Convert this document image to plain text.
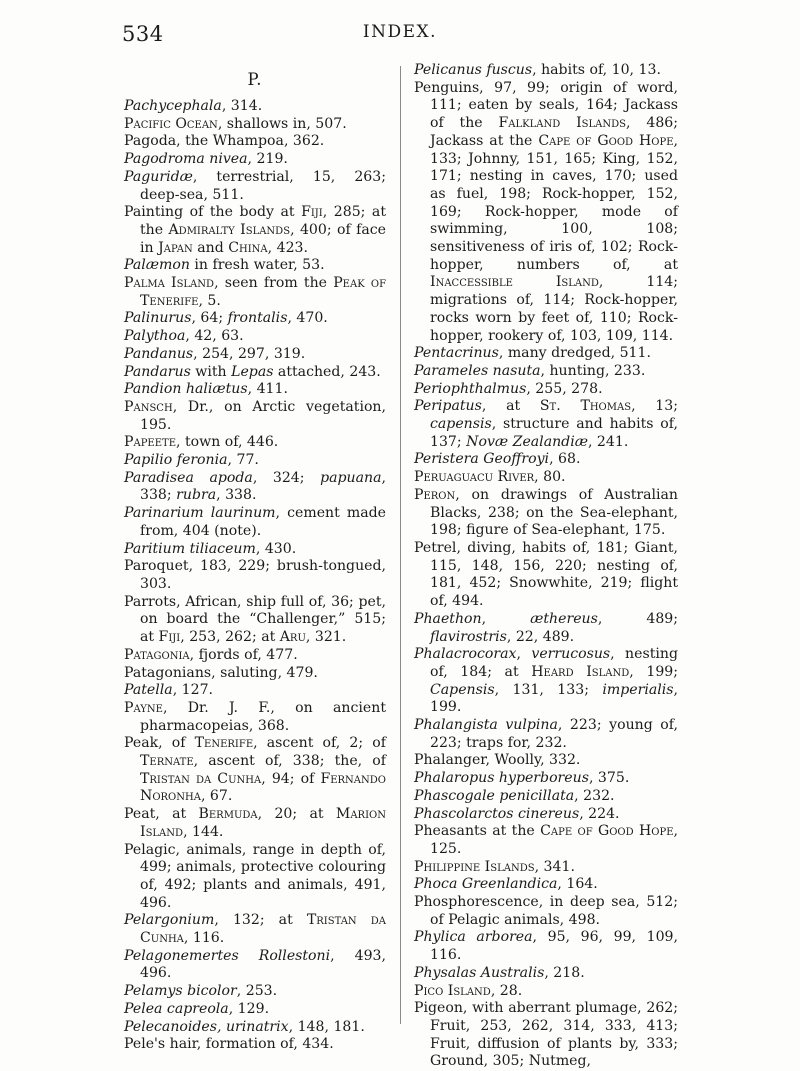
534	INDEX.
P.

Pachycephala, 314.

Pacific Ocean, shallows in, 507.

Pagoda, the Whampoa, 362.

Pagodroma nivea, 219.

Paguridæ, terrestrial, 15, 263; deep-sea, 511.

Painting of the body at Fiji, 285; at the Admiralty Islands, 400; of face in Japan and China, 423.

Palæmon in fresh water, 53.

Palma Island, seen from the Peak of Tenerife, 5.

Palinurus, 64; frontalis, 470.

Palythoa, 42, 63.

Pandanus, 254, 297, 319.

Pandarus with Lepas attached, 243.

Pandion haliætus, 411.

Pansch, Dr., on Arctic vegetation, 195.

Papeete, town of, 446.

Papilio feronia, 77.

Paradisea apoda, 324; papuana, 338; rubra, 338.

Parinarium laurinum, cement made from, 404 (note).

Paritium tiliaceum, 430.

Paroquet, 183, 229; brush-tongued, 303.

Parrots, African, ship full of, 36; pet, on board the “Challenger,” 515; at Fiji, 253, 262; at Aru, 321.

Patagonia, fjords of, 477.

Patagonians, saluting, 479.

Patella, 127.

Payne, Dr. J. F., on ancient pharmacopeias, 368.

Peak, of Tenerife, ascent of, 2; of Ternate, ascent of, 338; the, of Tristan da Cunha, 94; of Fernando Noronha, 67.

Peat, at Bermuda, 20; at Marion Island, 144.

Pelagic, animals, range in depth of, 499; animals, protective colouring of, 492; plants and animals, 491, 496.

Pelargonium, 132; at Tristan da Cunha, 116.

Pelagonemertes Rollestoni, 493, 496.

Pelamys bicolor, 253.

Pelea capreola, 129.

Pelecanoides, urinatrix, 148, 181.

Pele's hair, formation of, 434.

Pelicanus fuscus, habits of, 10, 13.

Penguins, 97, 99; origin of word, 111; eaten by seals, 164; Jackass of the Falkland Islands, 486; Jackass at the Cape of Good Hope, 133; Johnny, 151, 165; King, 152, 171; nesting in caves, 170; used as fuel, 198; Rock-hopper, 152, 169; Rock-hopper, mode of swimming, 100, 108; sensitiveness of iris of, 102; Rock-hopper, numbers of, at Inaccessible Island, 114; migrations of, 114; Rock-hopper, rocks worn by feet of, 110; Rock-hopper, rookery of, 103, 109, 114.

Pentacrinus, many dredged, 511.

Parameles nasuta, hunting, 233.

Periophthalmus, 255, 278.

Peripatus, at St. Thomas, 13; capensis, structure and habits of, 137; Novæ Zealandiæ, 241.

Peristera Geoffroyi, 68.

Peruaguacu River, 80.

Peron, on drawings of Australian Blacks, 238; on the Sea-elephant, 198; figure of Sea-elephant, 175.

Petrel, diving, habits of, 181; Giant, 115, 148, 156, 220; nesting of, 181, 452; Snowwhite, 219; flight of, 494.

Phaethon, æthereus, 489; flavirostris, 22, 489.

Phalacrocorax, verrucosus, nesting of, 184; at Heard Island, 199; Capensis, 131, 133; imperialis, 199.

Phalangista vulpina, 223; young of, 223; traps for, 232.

Phalanger, Woolly, 332.

Phalaropus hyperboreus, 375.

Phascogale penicillata, 232.

Phascolarctos cinereus, 224.

Pheasants at the Cape of Good Hope, 125.

Philippine Islands, 341.

Phoca Greenlandica, 164.

Phosphorescence, in deep sea, 512; of Pelagic animals, 498.

Phylica arborea, 95, 96, 99, 109, 116.

Physalas Australis, 218.

Pico Island, 28.

Pigeon, with aberrant plumage, 262; Fruit, 253, 262, 314, 333, 413; Fruit, diffusion of plants by, 333; Ground, 305; Nutmeg,
